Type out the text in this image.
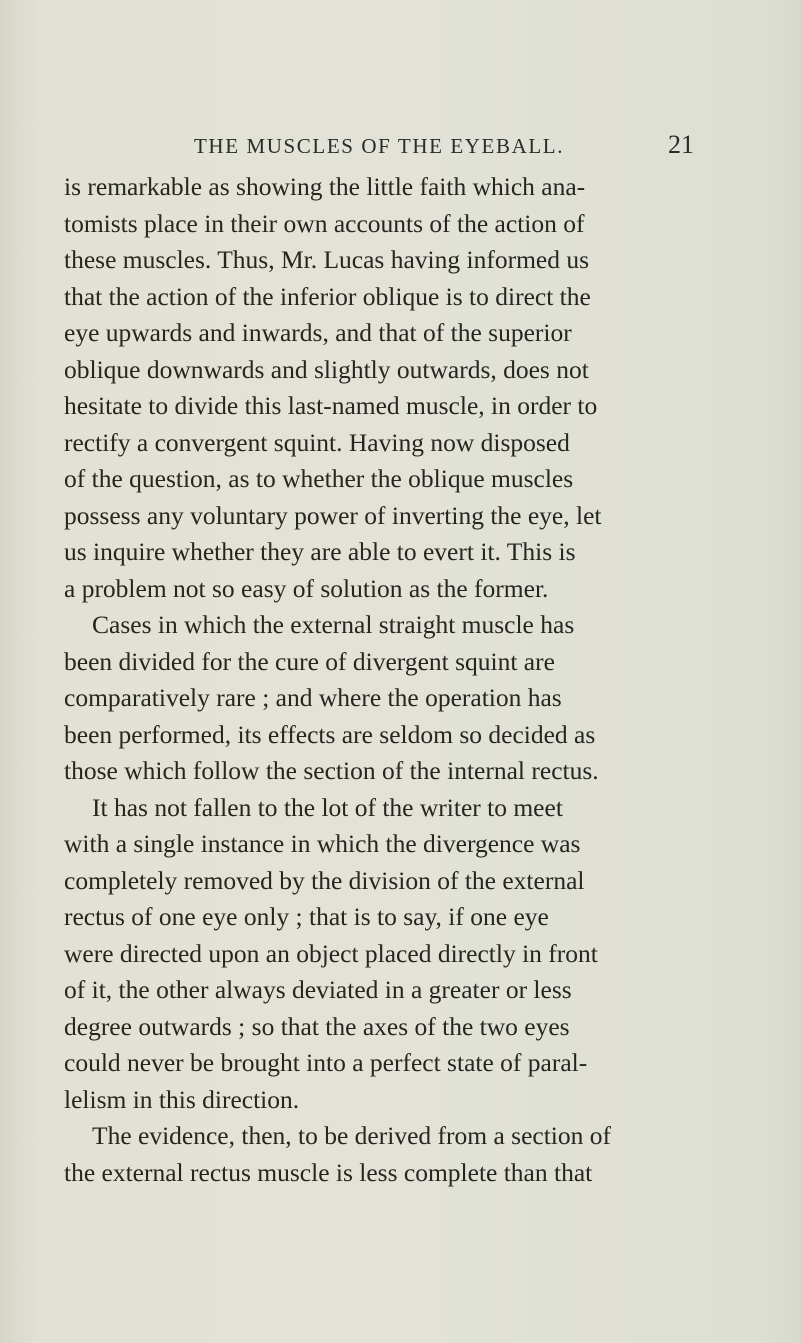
THE MUSCLES OF THE EYEBALL.	21
is remarkable as showing the little faith which ana-
tomists place in their own accounts of the action of
these muscles. Thus, Mr. Lucas having informed us
that the action of the inferior oblique is to direct the
eye upwards and inwards, and that of the superior
oblique downwards and slightly outwards, does not
hesitate to divide this last-named muscle, in order to
rectify a convergent squint. Having now disposed
of the question, as to whether the oblique muscles
possess any voluntary power of inverting the eye, let
us inquire whether they are able to evert it. This is
a problem not so easy of solution as the former.
Cases in which the external straight muscle has
been divided for the cure of divergent squint are
comparatively rare ; and where the operation has
been performed, its effects are seldom so decided as
those which follow the section of the internal rectus.
It has not fallen to the lot of the writer to meet
with a single instance in which the divergence was
completely removed by the division of the external
rectus of one eye only ; that is to say, if one eye
were directed upon an object placed directly in front
of it, the other always deviated in a greater or less
degree outwards ; so that the axes of the two eyes
could never be brought into a perfect state of paral-
lelism in this direction.
The evidence, then, to be derived from a section of
the external rectus muscle is less complete than that
